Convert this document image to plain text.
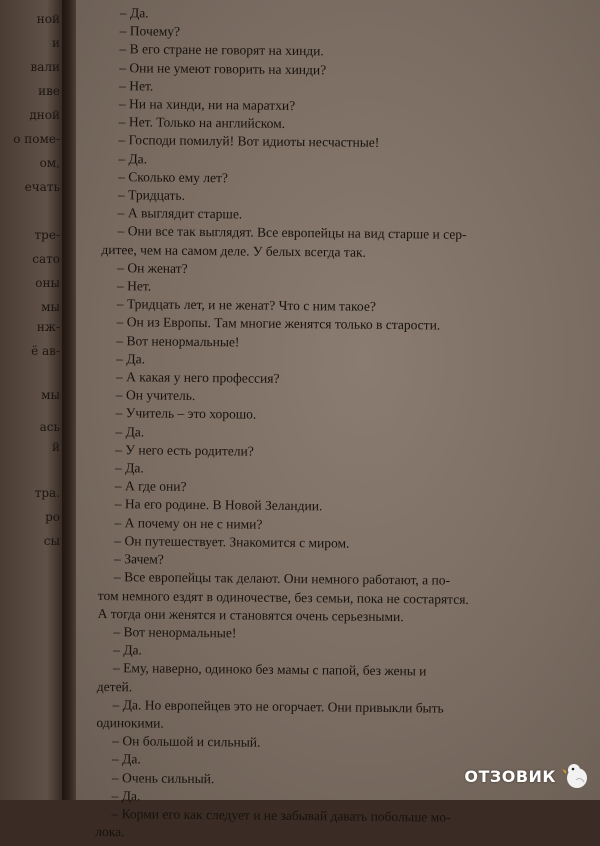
ной

и

вали

иве

дной

о поме-

ом,

ечать

тре-

сато

оны

мы

нж-

ё ав-

мы

ась

й

тра.

ро

сы

– Да.

– Почему?

– В его стране не говорят на хинди.

– Они не умеют говорить на хинди?

– Нет.

– Ни на хинди, ни на маратхи?

– Нет. Только на английском.

– Господи помилуй! Вот идиоты несчастные!

– Да.

– Сколько ему лет?

– Тридцать.

– А выглядит старше.

– Они все так выглядят. Все европейцы на вид старше и сер-

дитее, чем на самом деле. У белых всегда так.

– Он женат?

– Нет.

– Тридцать лет, и не женат? Что с ним такое?

– Он из Европы. Там многие женятся только в старости.

– Вот ненормальные!

– Да.

– А какая у него профессия?

– Он учитель.

– Учитель – это хорошо.

– Да.

– У него есть родители?

– Да.

– А где они?

– На его родине. В Новой Зеландии.

– А почему он не с ними?

– Он путешествует. Знакомится с миром.

– Зачем?

– Все европейцы так делают. Они немного работают, а по-

том немного ездят в одиночестве, без семьи, пока не состарятся.

А тогда они женятся и становятся очень серьезными.

– Вот ненормальные!

– Да.

– Ему, наверно, одиноко без мамы с папой, без жены и

детей.

– Да. Но европейцев это не огорчает. Они привыкли быть

одинокими.

– Он большой и сильный.

– Да.

– Очень сильный.

– Да.

– Корми его как следует и не забывай давать побольше мо-

лока.

ОТЗОВИК
